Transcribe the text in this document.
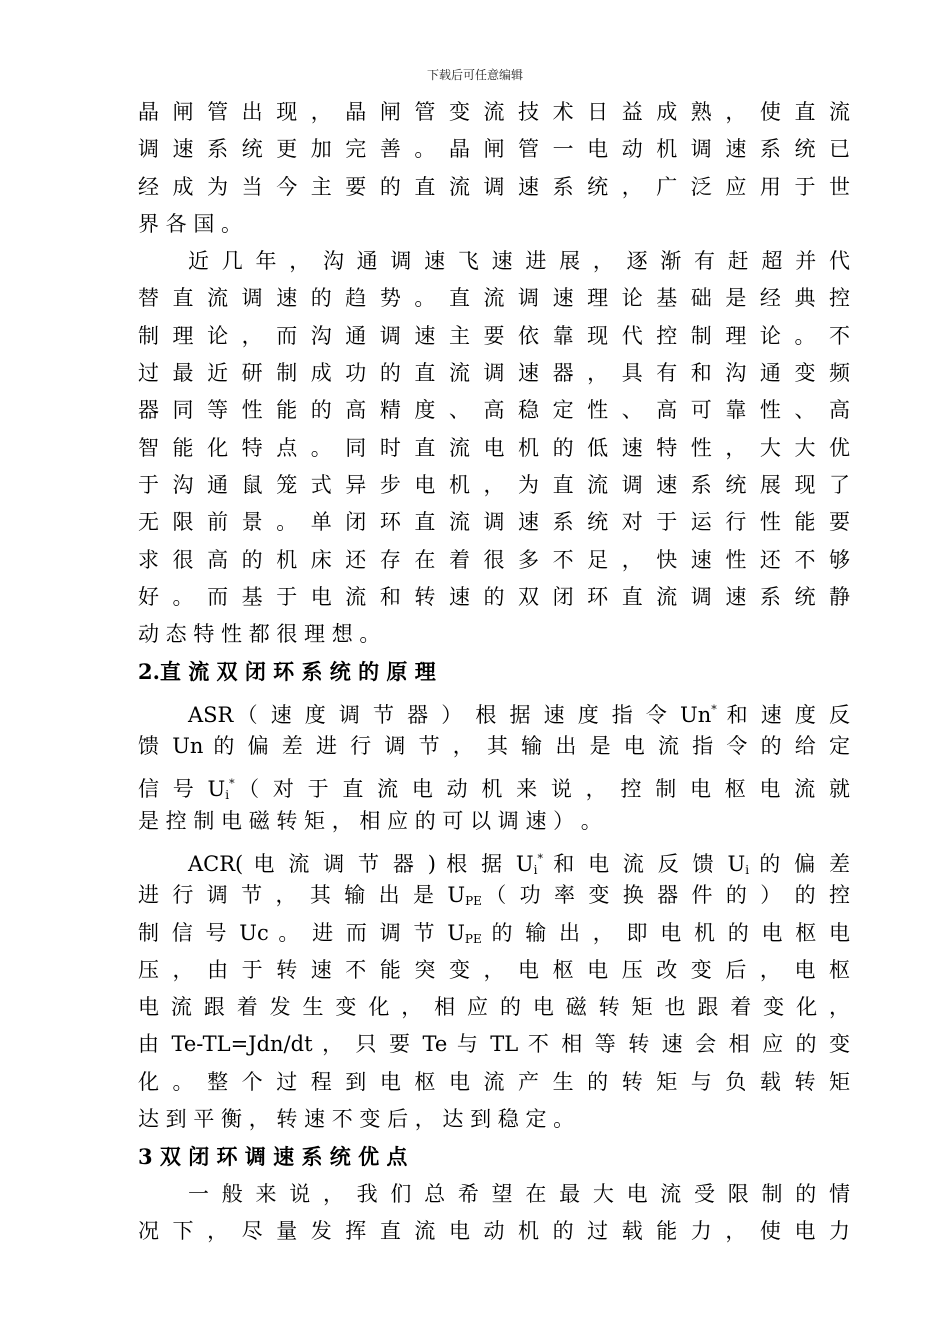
下载后可任意编辑
晶 闸 管 出 现 ， 晶 闸 管 变 流 技 术 日 益 成 熟 ， 使 直 流
调 速 系 统 更 加 完 善 。 晶 闸 管 一 电 动 机 调 速 系 统 已
经 成 为 当 今 主 要 的 直 流 调 速 系 统 ， 广 泛 应 用 于 世
界 各 国 。
近 几 年 ， 沟 通 调 速 飞 速 进 展 ， 逐 渐 有 赶 超 并 代
替 直 流 调 速 的 趋 势 。 直 流 调 速 理 论 基 础 是 经 典 控
制 理 论 ， 而 沟 通 调 速 主 要 依 靠 现 代 控 制 理 论 。 不
过 最 近 研 制 成 功 的 直 流 调 速 器 ， 具 有 和 沟 通 变 频
器 同 等 性 能 的 高 精 度 、 高 稳 定 性 、 高 可 靠 性 、 高
智 能 化 特 点 。 同 时 直 流 电 机 的 低 速 特 性 ， 大 大 优
于 沟 通 鼠 笼 式 异 步 电 机 ， 为 直 流 调 速 系 统 展 现 了
无 限 前 景 。 单 闭 环 直 流 调 速 系 统 对 于 运 行 性 能 要
求 很 高 的 机 床 还 存 在 着 很 多 不 足 ， 快 速 性 还 不 够
好 。 而 基 于 电 流 和 转 速 的 双 闭 环 直 流 调 速 系 统 静
动 态 特 性 都 很 理 想 。
2.直 流 双 闭 环 系 统 的 原 理
ASR（ 速 度 调 节 器 ） 根 据 速 度 指 令 Un* 和 速 度 反
馈 Un 的 偏 差 进 行 调 节 ， 其 输 出 是 电 流 指 令 的 给 定
信 号 $U_i^*$（ 对 于 直 流 电 动 机 来 说 ， 控 制 电 枢 电 流 就
是 控 制 电 磁 转 矩 ， 相 应 的 可 以 调 速 ） 。
ACR( 电 流 调 节 器 ) 根 据 $U_i^*$ 和 电 流 反 馈 $U_i$ 的 偏 差
进 行 调 节 ， 其 输 出 是 $U_{PE}$（ 功 率 变 换 器 件 的 ） 的 控
制 信 号 Uc 。 进 而 调 节 $U_{PE}$ 的 输 出 ， 即 电 机 的 电 枢 电
压 ， 由 于 转 速 不 能 突 变 ， 电 枢 电 压 改 变 后 ， 电 枢
电 流 跟 着 发 生 变 化 ， 相 应 的 电 磁 转 矩 也 跟 着 变 化 ，
由 Te-TL=Jdn/dt ， 只 要 Te 与 TL 不 相 等 转 速 会 相 应 的 变
化 。 整 个 过 程 到 电 枢 电 流 产 生 的 转 矩 与 负 载 转 矩
达 到 平 衡 ， 转 速 不 变 后 ， 达 到 稳 定 。
3 双 闭 环 调 速 系 统 优 点
一 般 来 说 ， 我 们 总 希 望 在 最 大 电 流 受 限 制 的 情
况 下 ， 尽 量 发 挥 直 流 电 动 机 的 过 载 能 力 ， 使 电 力
